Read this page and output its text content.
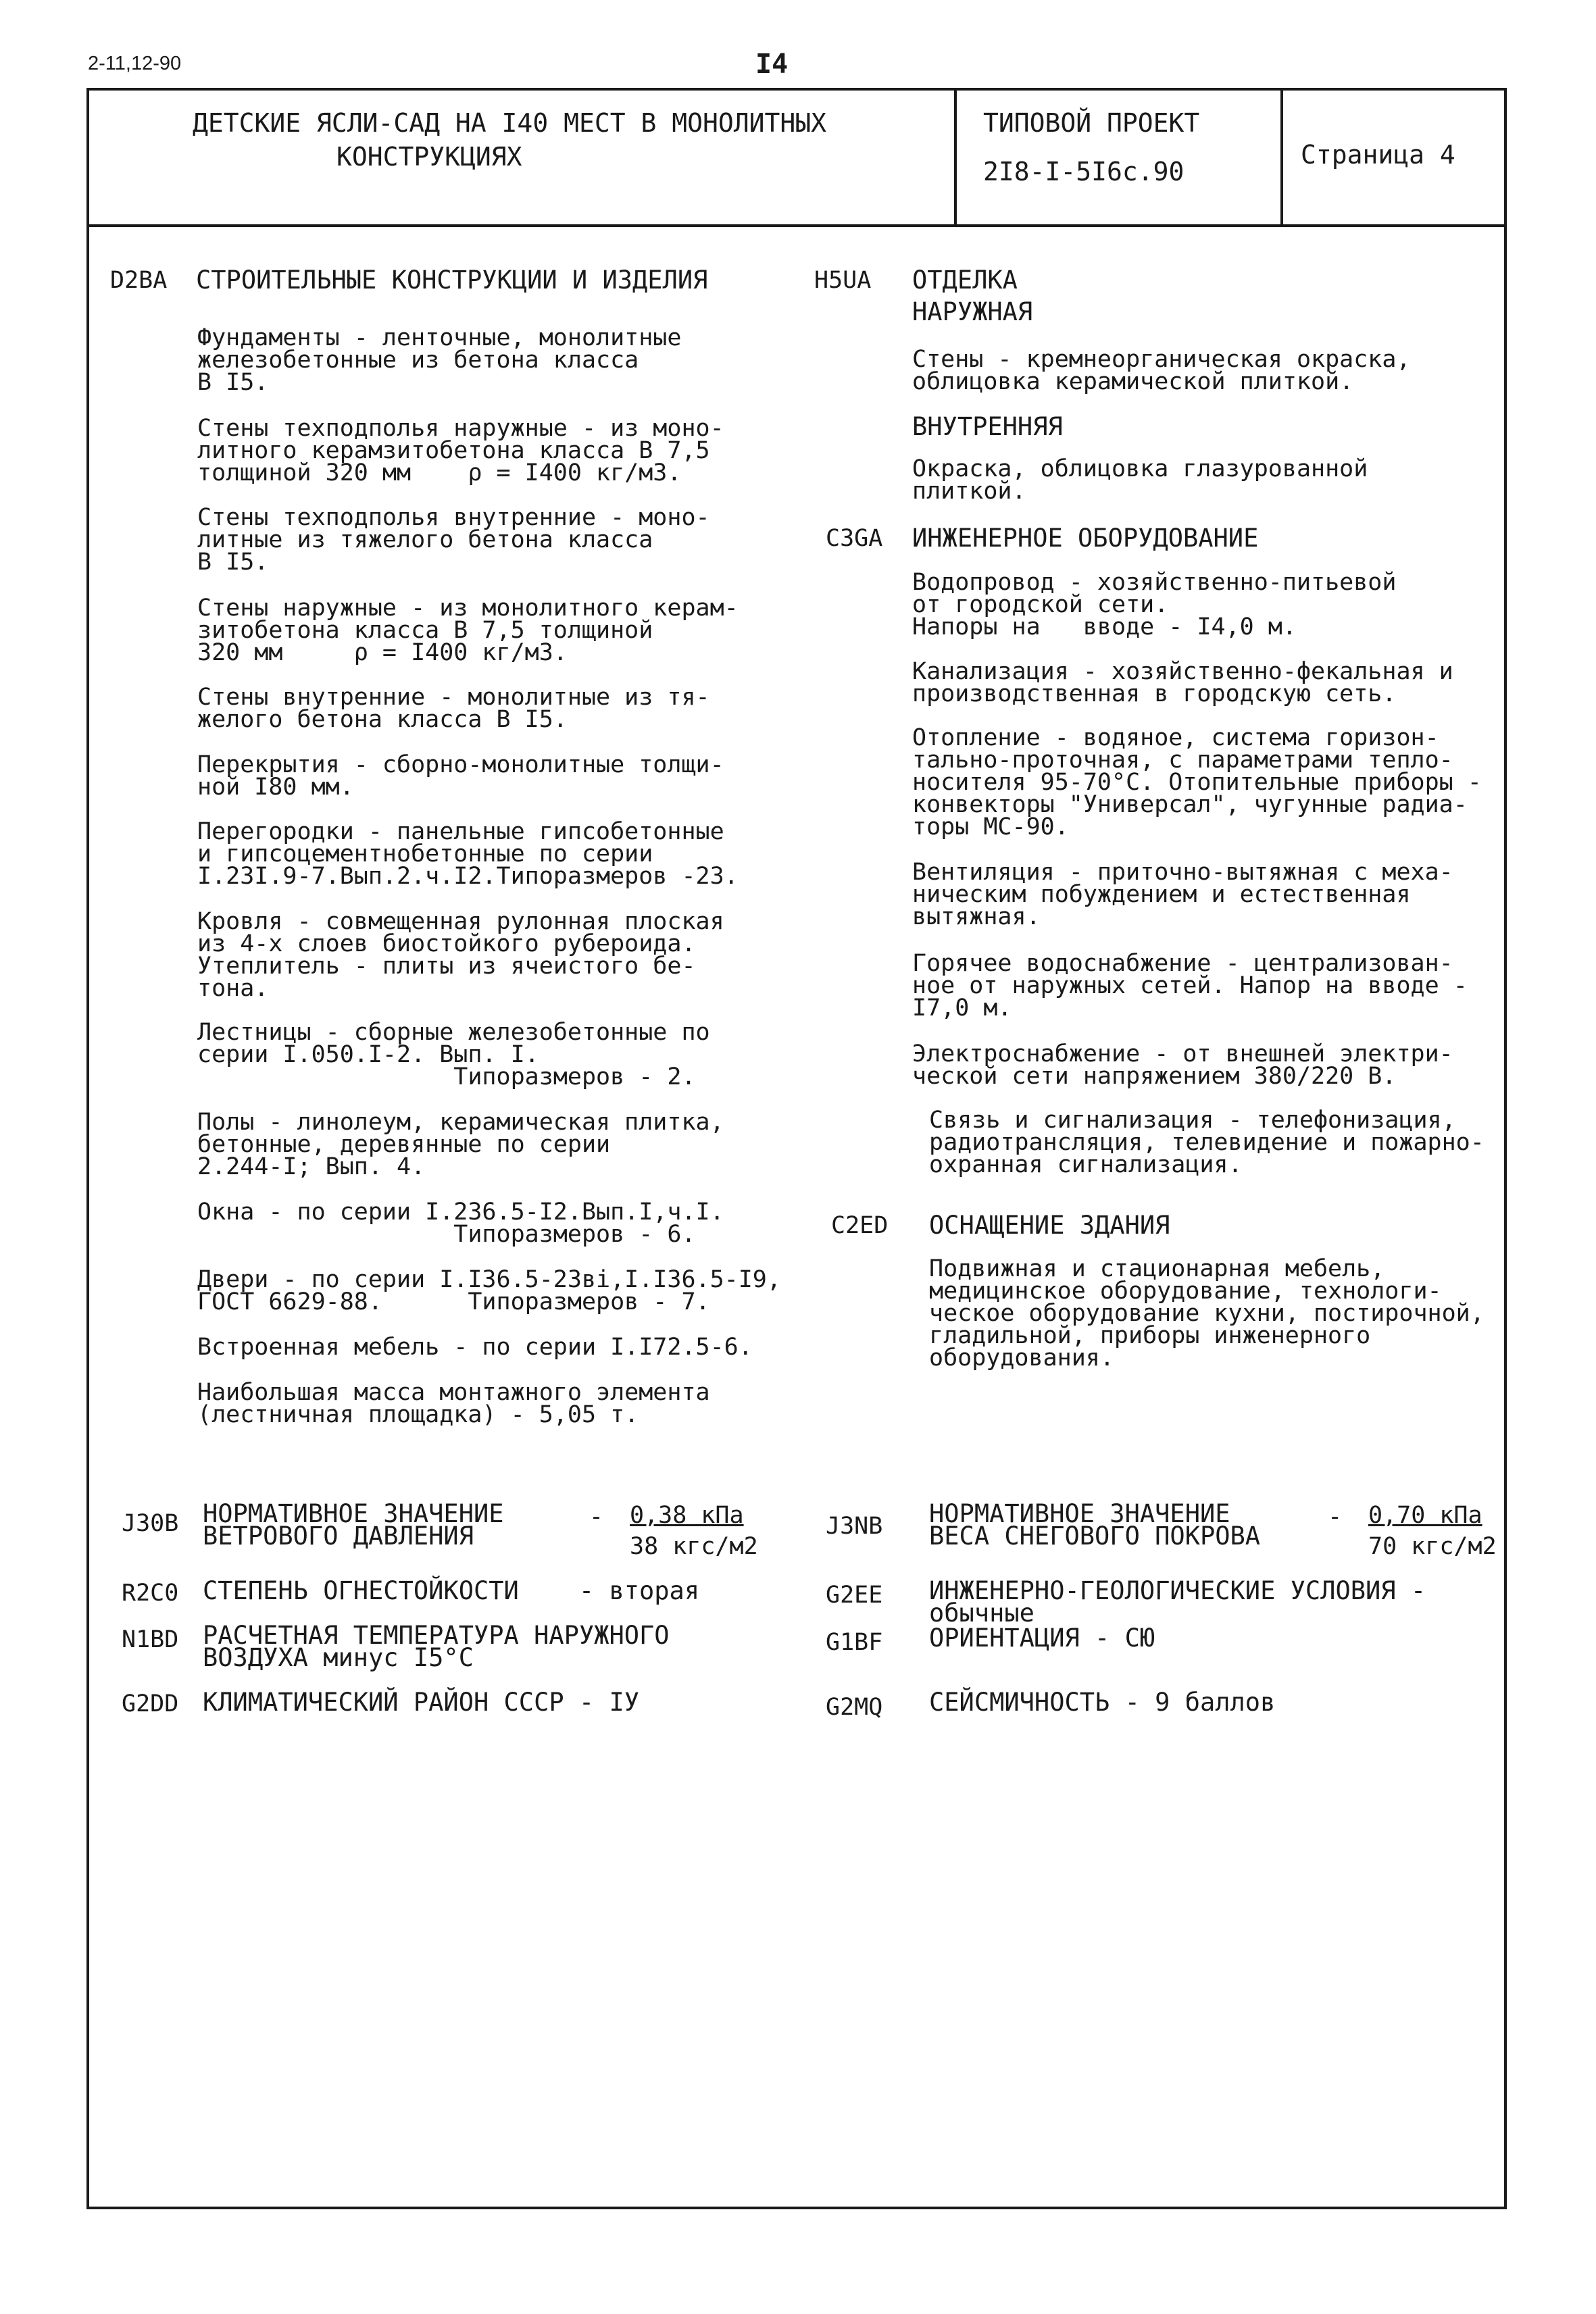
2-11,12-90	I4
ДЕТСКИЕ ЯСЛИ-САД НА I40 МЕСТ В МОНОЛИТНЫХ
КОНСТРУКЦИЯХ
ТИПОВОЙ ПРОЕКТ
2I8-I-5I6с.90
Страница 4
D2BA СТРОИТЕЛЬНЫЕ КОНСТРУКЦИИ И ИЗДЕЛИЯ
Фундаменты - ленточные, монолитные
железобетонные из бетона класса
В I5.
Стены техподполья наружные - из моно-
литного керамзитобетона класса В 7,5
толщиной 320 мм    ρ = I400 кг/м3.
Стены техподполья внутренние - моно-
литные из тяжелого бетона класса
В I5.
Стены наружные - из монолитного керам-
зитобетона класса В 7,5 толщиной
320 мм     ρ = I400 кг/м3.
Стены внутренние - монолитные из тя-
желого бетона класса В I5.
Перекрытия - сборно-монолитные толщи-
ной I80 мм.
Перегородки - панельные гипсобетонные
и гипсоцементнобетонные по серии
I.23I.9-7.Вып.2.ч.I2.Типоразмеров -23.
Кровля - совмещенная рулонная плоская
из 4-х слоев биостойкого рубероида.
Утеплитель - плиты из ячеистого бе-
тона.
Лестницы - сборные железобетонные по
серии I.050.I-2. Вып. I.
Типоразмеров - 2.
Полы - линолеум, керамическая плитка,
бетонные, деревянные по серии
2.244-I; Вып. 4.
Окна - по серии I.236.5-I2.Вып.I,ч.I.
Типоразмеров - 6.
Двери - по серии I.I36.5-23ві,I.I36.5-I9,
ГОСТ 6629-88.      Типоразмеров - 7.
Встроенная мебель - по серии I.I72.5-6.
Наибольшая масса монтажного элемента
(лестничная площадка) - 5,05 т.
H5UA ОТДЕЛКА
НАРУЖНАЯ
Стены - кремнеорганическая окраска,
облицовка керамической плиткой.
ВНУТРЕННЯЯ
Окраска, облицовка глазурованной
плиткой.
C3GA ИНЖЕНЕРНОЕ ОБОРУДОВАНИЕ
Водопровод - хозяйственно-питьевой
от городской сети.
Напоры на   вводе - I4,0 м.
Канализация - хозяйственно-фекальная и
производственная в городскую сеть.
Отопление - водяное, система горизон-
тально-проточная, с параметрами тепло-
носителя 95-70°С. Отопительные приборы -
конвекторы "Универсал", чугунные радиа-
торы МС-90.
Вентиляция - приточно-вытяжная с меха-
ническим побуждением и естественная
вытяжная.
Горячее водоснабжение - централизован-
ное от наружных сетей. Напор на вводе -
I7,0 м.
Электроснабжение - от внешней электри-
ческой сети напряжением 380/220 В.
Связь и сигнализация - телефонизация,
радиотрансляция, телевидение и пожарно-
охранная сигнализация.
C2ED ОСНАЩЕНИЕ ЗДАНИЯ
Подвижная и стационарная мебель,
медицинское оборудование, технологи-
ческое оборудование кухни, постирочной,
гладильной, приборы инженерного
оборудования.
J30B НОРМАТИВНОЕ ЗНАЧЕНИЕ
ВЕТРОВОГО ДАВЛЕНИЯ
- 0,38 кПа
38 кгс/м2
R2C0 СТЕПЕНЬ ОГНЕСТОЙКОСТИ    - вторая
N1BD РАСЧЕТНАЯ ТЕМПЕРАТУРА НАРУЖНОГО
ВОЗДУХА минус I5°С
G2DD КЛИМАТИЧЕСКИЙ РАЙОН СССР - IУ
J3NB НОРМАТИВНОЕ ЗНАЧЕНИЕ
ВЕСА СНЕГОВОГО ПОКРОВА
- 0,70 кПа
70 кгс/м2
G2EE ИНЖЕНЕРНО-ГЕОЛОГИЧЕСКИЕ УСЛОВИЯ -
обычные
G1BF ОРИЕНТАЦИЯ - СЮ
G2MQ СЕЙСМИЧНОСТЬ - 9 баллов
